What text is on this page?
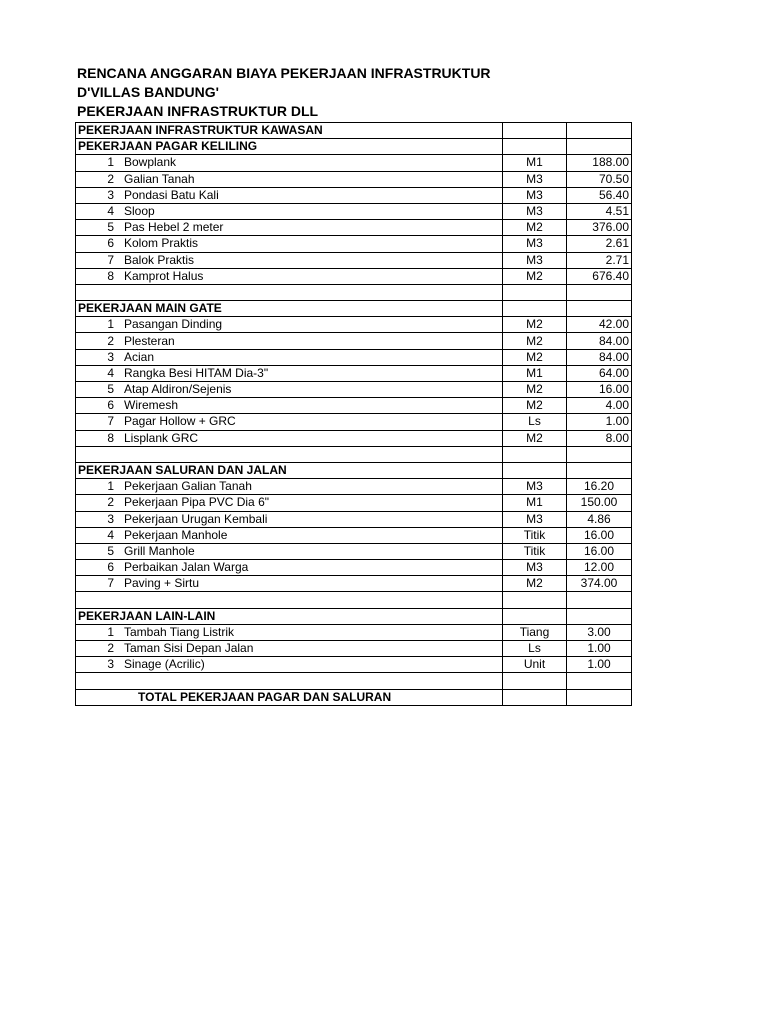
RENCANA ANGGARAN BIAYA PEKERJAAN INFRASTRUKTUR
D'VILLAS BANDUNG'
PEKERJAAN INFRASTRUKTUR DLL
PEKERJAAN INFRASTRUKTUR KAWASAN		
PEKERJAAN PAGAR KELILING		

1 Bowplank	M1	188.00

2 Galian Tanah	M3	70.50

3 Pondasi Batu Kali	M3	56.40

4 Sloop	M3	4.51

5 Pas Hebel 2 meter	M2	376.00

6 Kolom Praktis	M3	2.61

7 Balok Praktis	M3	2.71

8 Kamprot Halus	M2	676.40

PEKERJAAN MAIN GATE		

1 Pasangan Dinding	M2	42.00

2 Plesteran	M2	84.00

3 Acian	M2	84.00

4 Rangka Besi HITAM Dia-3"	M1	64.00

5 Atap Aldiron/Sejenis	M2	16.00

6 Wiremesh	M2	4.00

7 Pagar Hollow + GRC	Ls	1.00

8 Lisplank GRC	M2	8.00

PEKERJAAN SALURAN DAN JALAN		

1 Pekerjaan Galian Tanah	M3	16.20

2 Pekerjaan Pipa PVC Dia 6"	M1	150.00

3 Pekerjaan Urugan Kembali	M3	4.86

4 Pekerjaan Manhole	Titik	16.00

5 Grill Manhole	Titik	16.00

6 Perbaikan Jalan Warga	M3	12.00

7 Paving + Sirtu	M2	374.00

PEKERJAAN LAIN-LAIN		

1 Tambah Tiang Listrik	Tiang	3.00

2 Taman Sisi Depan Jalan	Ls	1.00

3 Sinage (Acrilic)	Unit	1.00

TOTAL PEKERJAAN PAGAR DAN SALURAN		
